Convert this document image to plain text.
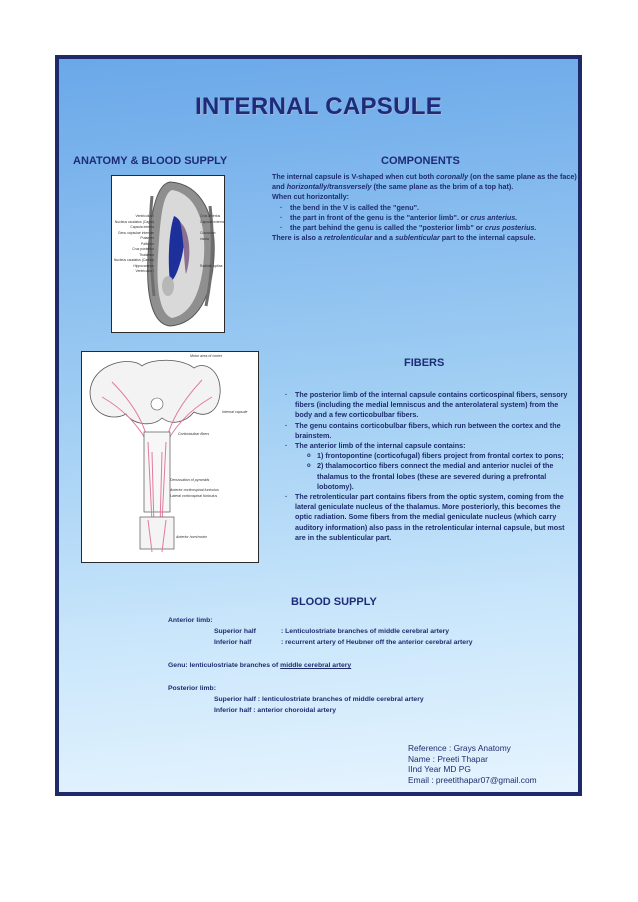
INTERNAL CAPSULE
ANATOMY & BLOOD SUPPLY	COMPONENTS
The internal capsule is V-shaped when cut both coronally (on the same plane as the face) and horizontally/transversely (the same plane as the brim of a top hat).
When cut horizontally:
· the bend in the V is called the "genu".
· the part in front of the genu is the "anterior limb". or crus anterius.
· the part behind the genu is called the "posterior limb" or crus posterius.
There is also a retrolenticular and a sublenticular part to the internal capsule.
Ventriculus I
Nucleus caudatus (Caput)
Capsula interna
Genu capsulae internae
Putamen
Pallidum
Crus posterius
Thalamus
Nucleus caudatus (Cauda)
Hippocampus
Ventriculus I
Crus anterius
Capsula externa
Claustrum
insula
Radiatio optica
Motor area of cortex
Internal capsule
Corticobulbar fibers
Decussation of pyramids
Anterior corticospinal funiculus
Lateral corticospinal funiculus
Anterior horn/motor
FIBERS
· The posterior limb of the internal capsule contains corticospinal fibers, sensory fibers (including the medial lemniscus and the anterolateral system) from the body and a few corticobulbar fibers.
· The genu contains corticobulbar fibers, which run between the cortex and the brainstem.
· The anterior limb of the internal capsule contains:
o 1) frontopontine (corticofugal) fibers project from frontal cortex to pons;
o 2) thalamocortico fibers connect the medial and anterior nuclei of the thalamus to the frontal lobes (these are severed during a prefrontal lobotomy).
· The retrolenticular part contains fibers from the optic system, coming from the lateral geniculate nucleus of the thalamus. More posteriorly, this becomes the optic radiation. Some fibers from the medial geniculate nucleus (which carry auditory information) also pass in the retrolenticular internal capsule, but most are in the sublenticular part.
BLOOD SUPPLY
Anterior limb:
Superior half	: Lenticulostriate branches of middle cerebral artery
Inferior half	: recurrent artery of Heubner off the anterior cerebral artery
Genu: lenticulostriate branches of middle cerebral artery
Posterior limb:
Superior half : lenticulostriate branches of middle cerebral artery
Inferior half : anterior choroidal artery
Reference : Grays Anatomy
Name : Preeti Thapar
IInd Year MD PG
Email : preetithapar07@gmail.com
